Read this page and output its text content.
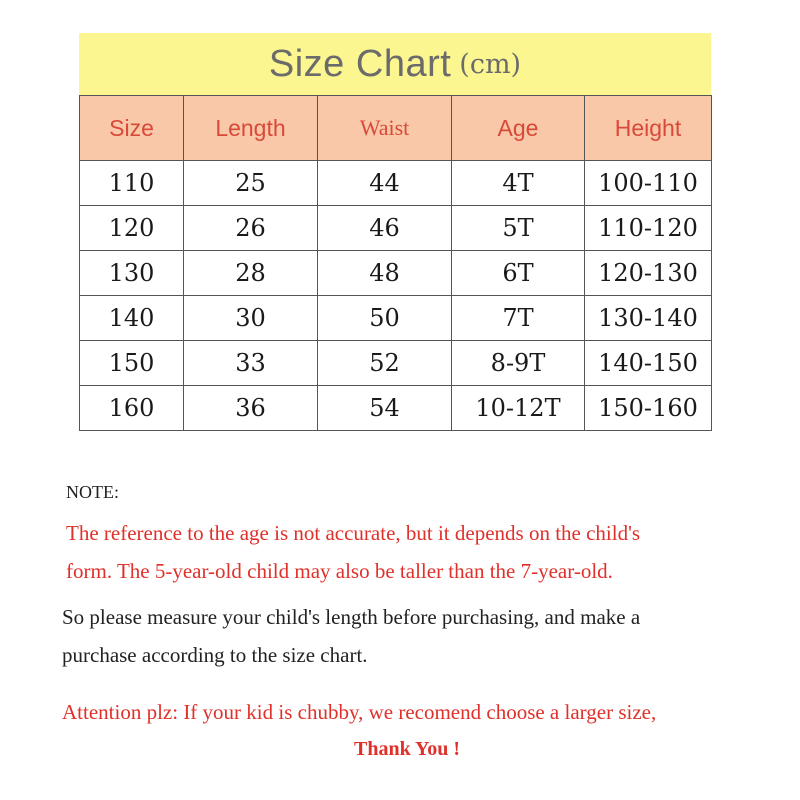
Size Chart (cm)
Size	Length	Waist	Age	Height
110	25	44	4T	100-110
120	26	46	5T	110-120
130	28	48	6T	120-130
140	30	50	7T	130-140
150	33	52	8-9T	140-150
160	36	54	10-12T	150-160

NOTE:

The reference to the age is not accurate, but it depends on the child's

form. The 5-year-old child may also be taller than the 7-year-old.

So please measure your child's length before purchasing, and make a

purchase according to the size chart.

Attention plz: If your kid is chubby, we recomend choose a larger size,

Thank You !
